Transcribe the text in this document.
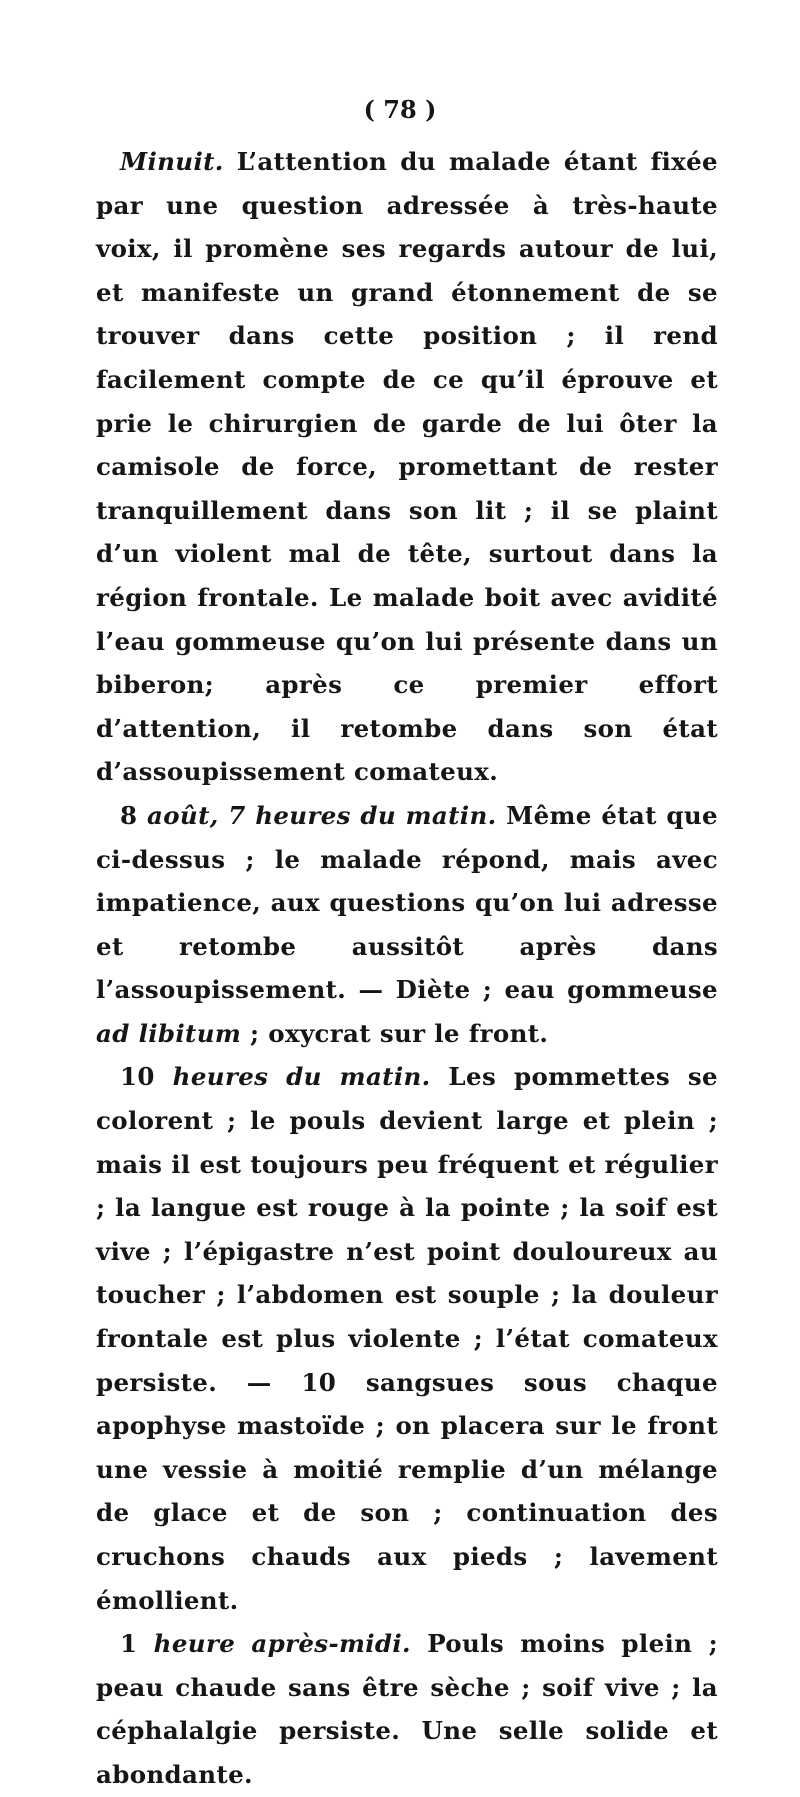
( 78 )

Minuit. L’attention du malade étant fixée par une question adressée à très-haute voix, il promène ses regards autour de lui, et manifeste un grand étonnement de se trouver dans cette position ; il rend facilement compte de ce qu’il éprouve et prie le chirurgien de garde de lui ôter la camisole de force, promettant de rester tranquillement dans son lit ; il se plaint d’un violent mal de tête, surtout dans la région frontale. Le malade boit avec avidité l’eau gommeuse qu’on lui présente dans un biberon; après ce premier effort d’attention, il retombe dans son état d’assoupissement comateux.

8 août, 7 heures du matin. Même état que ci-dessus ; le malade répond, mais avec impatience, aux questions qu’on lui adresse et retombe aussitôt après dans l’assoupissement. — Diète ; eau gommeuse ad libitum ; oxycrat sur le front.

10 heures du matin. Les pommettes se colorent ; le pouls devient large et plein ; mais il est toujours peu fréquent et régulier ; la langue est rouge à la pointe ; la soif est vive ; l’épigastre n’est point douloureux au toucher ; l’abdomen est souple ; la douleur frontale est plus violente ; l’état comateux persiste. — 10 sangsues sous chaque apophyse mastoïde ; on placera sur le front une vessie à moitié remplie d’un mélange de glace et de son ; continuation des cruchons chauds aux pieds ; lavement émollient.

1 heure après-midi. Pouls moins plein ; peau chaude sans être sèche ; soif vive ; la céphalalgie persiste. Une selle solide et abondante.
